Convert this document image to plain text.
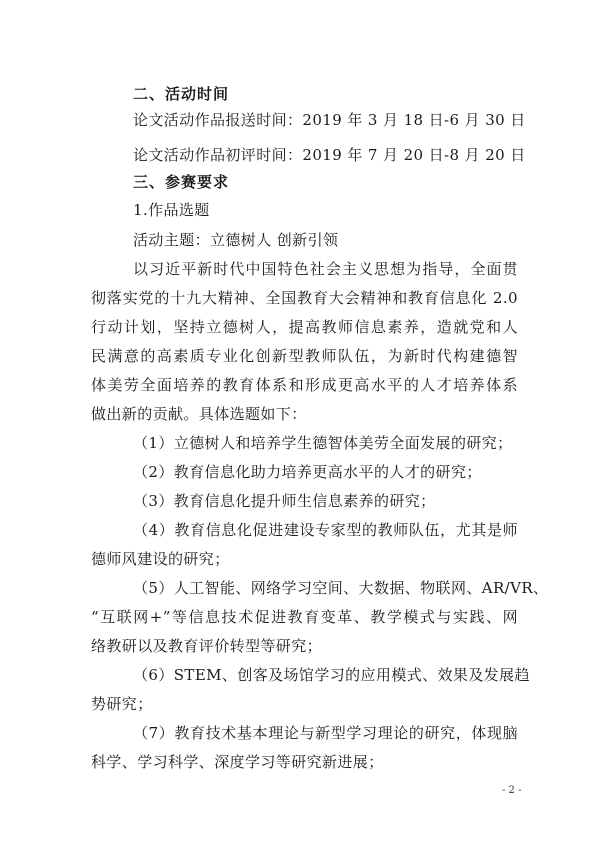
二、活动时间
论文活动作品报送时间：2019 年 3 月 18 日-6 月 30 日
论文活动作品初评时间：2019 年 7 月 20 日-8 月 20 日
三、参赛要求
1.作品选题
活动主题：立德树人 创新引领
以习近平新时代中国特色社会主义思想为指导，全面贯
彻落实党的十九大精神、全国教育大会精神和教育信息化 2.0
行动计划，坚持立德树人，提高教师信息素养，造就党和人
民满意的高素质专业化创新型教师队伍，为新时代构建德智
体美劳全面培养的教育体系和形成更高水平的人才培养体系
做出新的贡献。具体选题如下：
（1）立德树人和培养学生德智体美劳全面发展的研究；
（2）教育信息化助力培养更高水平的人才的研究；
（3）教育信息化提升师生信息素养的研究；
（4）教育信息化促进建设专家型的教师队伍，尤其是师
德师风建设的研究；
（5）人工智能、网络学习空间、大数据、物联网、AR/VR、
“互联网+”等信息技术促进教育变革、教学模式与实践、网
络教研以及教育评价转型等研究；
（6）STEM、创客及场馆学习的应用模式、效果及发展趋
势研究；
（7）教育技术基本理论与新型学习理论的研究，体现脑
科学、学习科学、深度学习等研究新进展；
- 2 -
